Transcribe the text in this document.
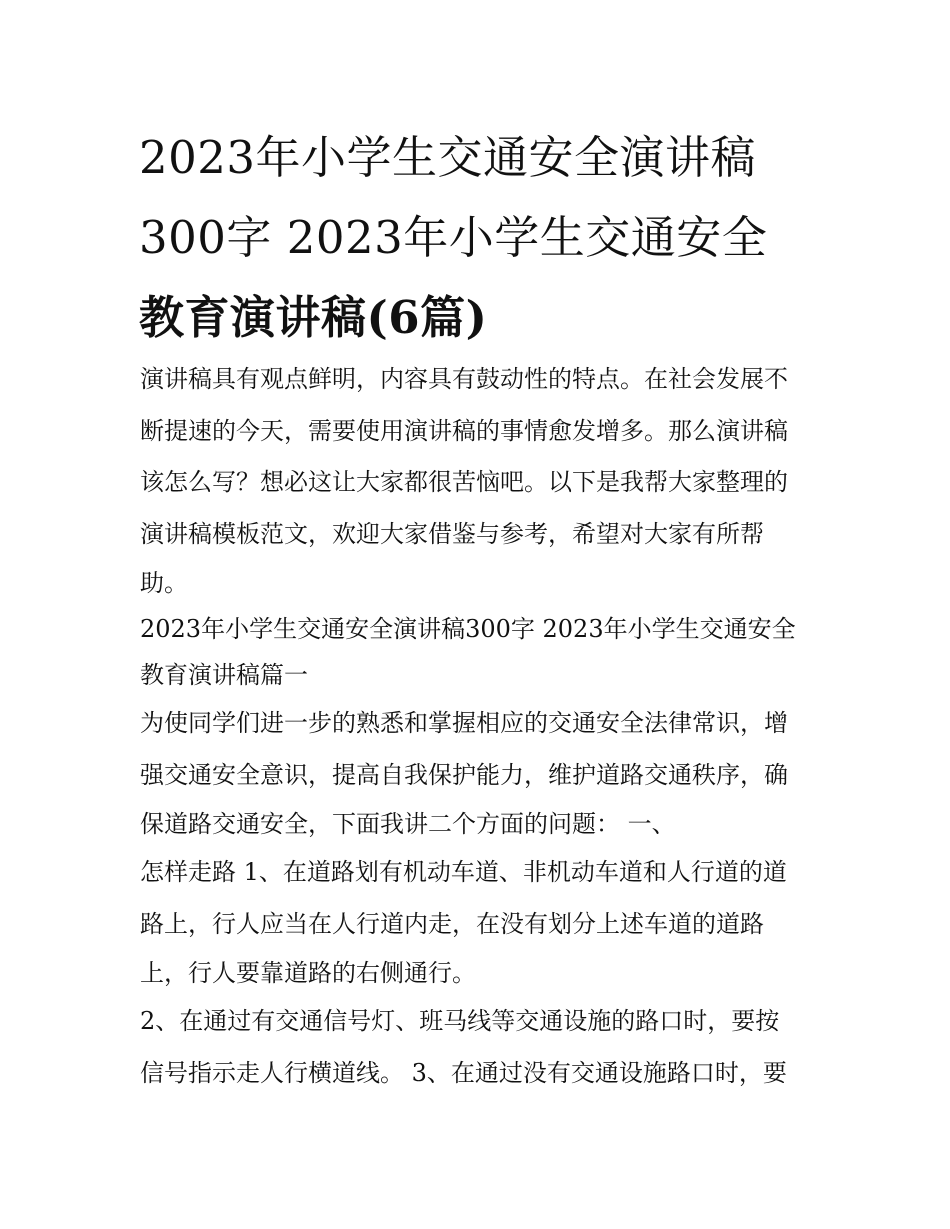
2023年小学生交通安全演讲稿
300字 2023年小学生交通安全
教育演讲稿(6篇)
演讲稿具有观点鲜明，内容具有鼓动性的特点。在社会发展不
断提速的今天，需要使用演讲稿的事情愈发增多。那么演讲稿
该怎么写？想必这让大家都很苦恼吧。以下是我帮大家整理的
演讲稿模板范文，欢迎大家借鉴与参考，希望对大家有所帮
助。
2023年小学生交通安全演讲稿300字 2023年小学生交通安全
教育演讲稿篇一
为使同学们进一步的熟悉和掌握相应的交通安全法律常识，增
强交通安全意识，提高自我保护能力，维护道路交通秩序，确
保道路交通安全，下面我讲二个方面的问题： 一、
怎样走路 1、在道路划有机动车道、非机动车道和人行道的道
路上，行人应当在人行道内走，在没有划分上述车道的道路
上，行人要靠道路的右侧通行。
2、在通过有交通信号灯、班马线等交通设施的路口时，要按
信号指示走人行横道线。 3、在通过没有交通设施路口时，要
